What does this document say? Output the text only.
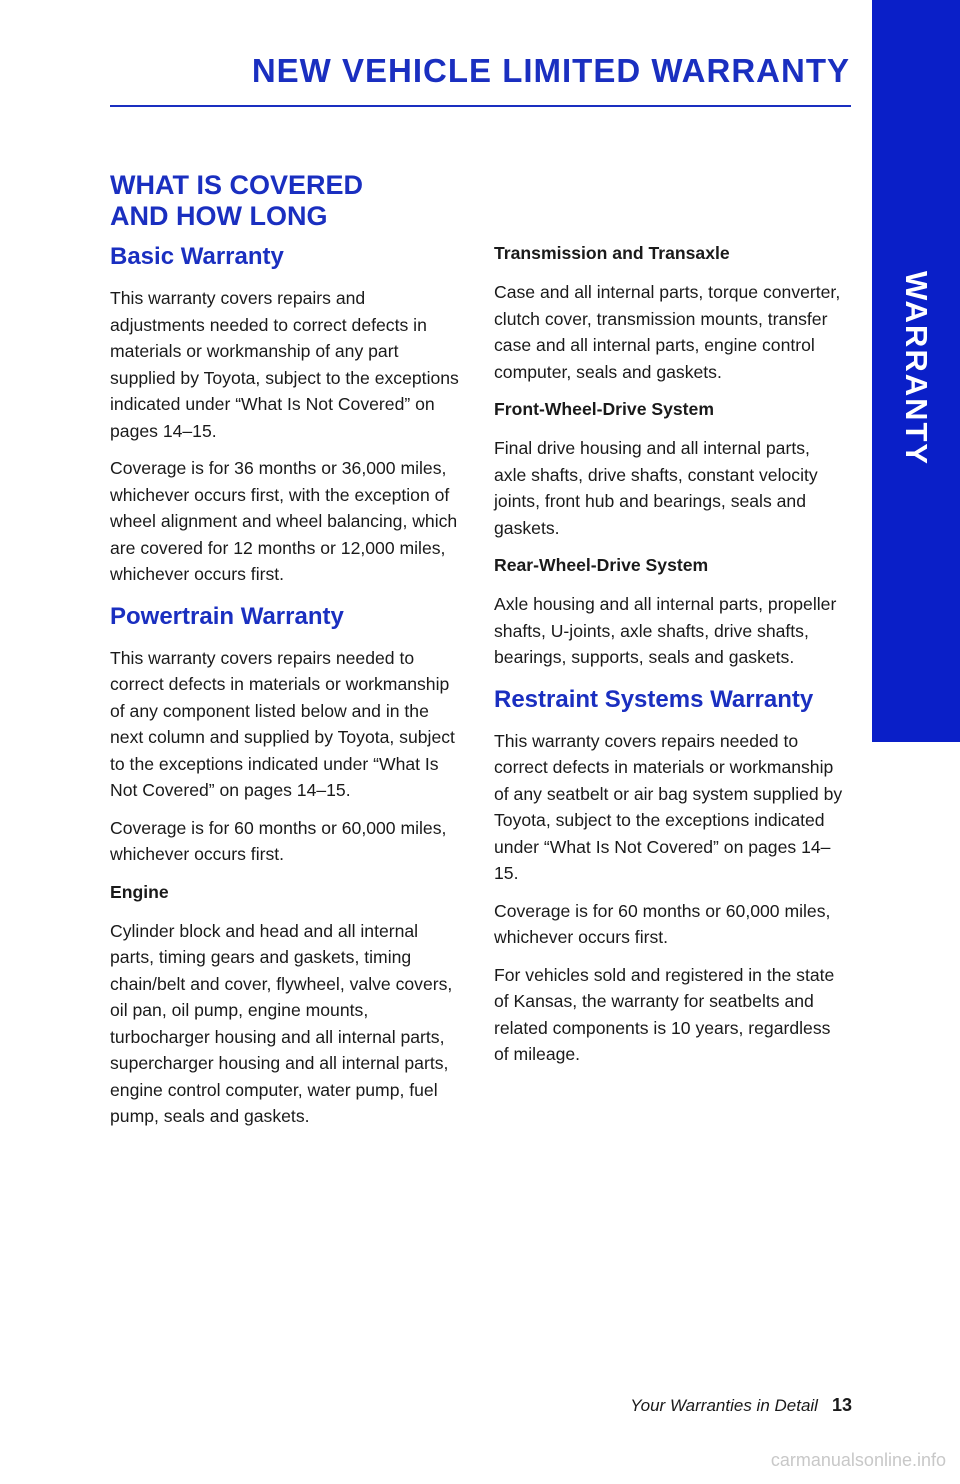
NEW VEHICLE LIMITED WARRANTY
WARRANTY
WHAT IS COVERED
AND HOW LONG
Basic Warranty

This warranty covers repairs and adjustments needed to correct defects in materials or workmanship of any part supplied by Toyota, subject to the exceptions indicated under “What Is Not Covered” on pages 14–15.

Coverage is for 36 months or 36,000 miles, whichever occurs first, with the exception of wheel alignment and wheel balancing, which are covered for 12 months or 12,000 miles, whichever occurs first.

Powertrain Warranty

This warranty covers repairs needed to correct defects in materials or workmanship of any component listed below and in the next column and supplied by Toyota, subject to the exceptions indicated under “What Is Not Covered” on pages 14–15.

Coverage is for 60 months or 60,000 miles, whichever occurs first.

Engine

Cylinder block and head and all internal parts, timing gears and gaskets, timing chain/belt and cover, flywheel, valve covers, oil pan, oil pump, engine mounts, turbocharger housing and all internal parts, supercharger housing and all internal parts, engine control computer, water pump, fuel pump, seals and gaskets.

Transmission and Transaxle

Case and all internal parts, torque converter, clutch cover, transmission mounts, transfer case and all internal parts, engine control computer, seals and gaskets.

Front-Wheel-Drive System

Final drive housing and all internal parts, axle shafts, drive shafts, constant velocity joints, front hub and bearings, seals and gaskets.

Rear-Wheel-Drive System

Axle housing and all internal parts, propeller shafts, U-joints, axle shafts, drive shafts, bearings, supports, seals and gaskets.

Restraint Systems Warranty

This warranty covers repairs needed to correct defects in materials or workmanship of any seatbelt or air bag system supplied by Toyota, subject to the exceptions indicated under “What Is Not Covered” on pages 14–15.

Coverage is for 60 months or 60,000 miles, whichever occurs first.

For vehicles sold and registered in the state of Kansas, the warranty for seatbelts and related components is 10 years, regardless of mileage.

Your Warranties in Detail 13
carmanualsonline.info
